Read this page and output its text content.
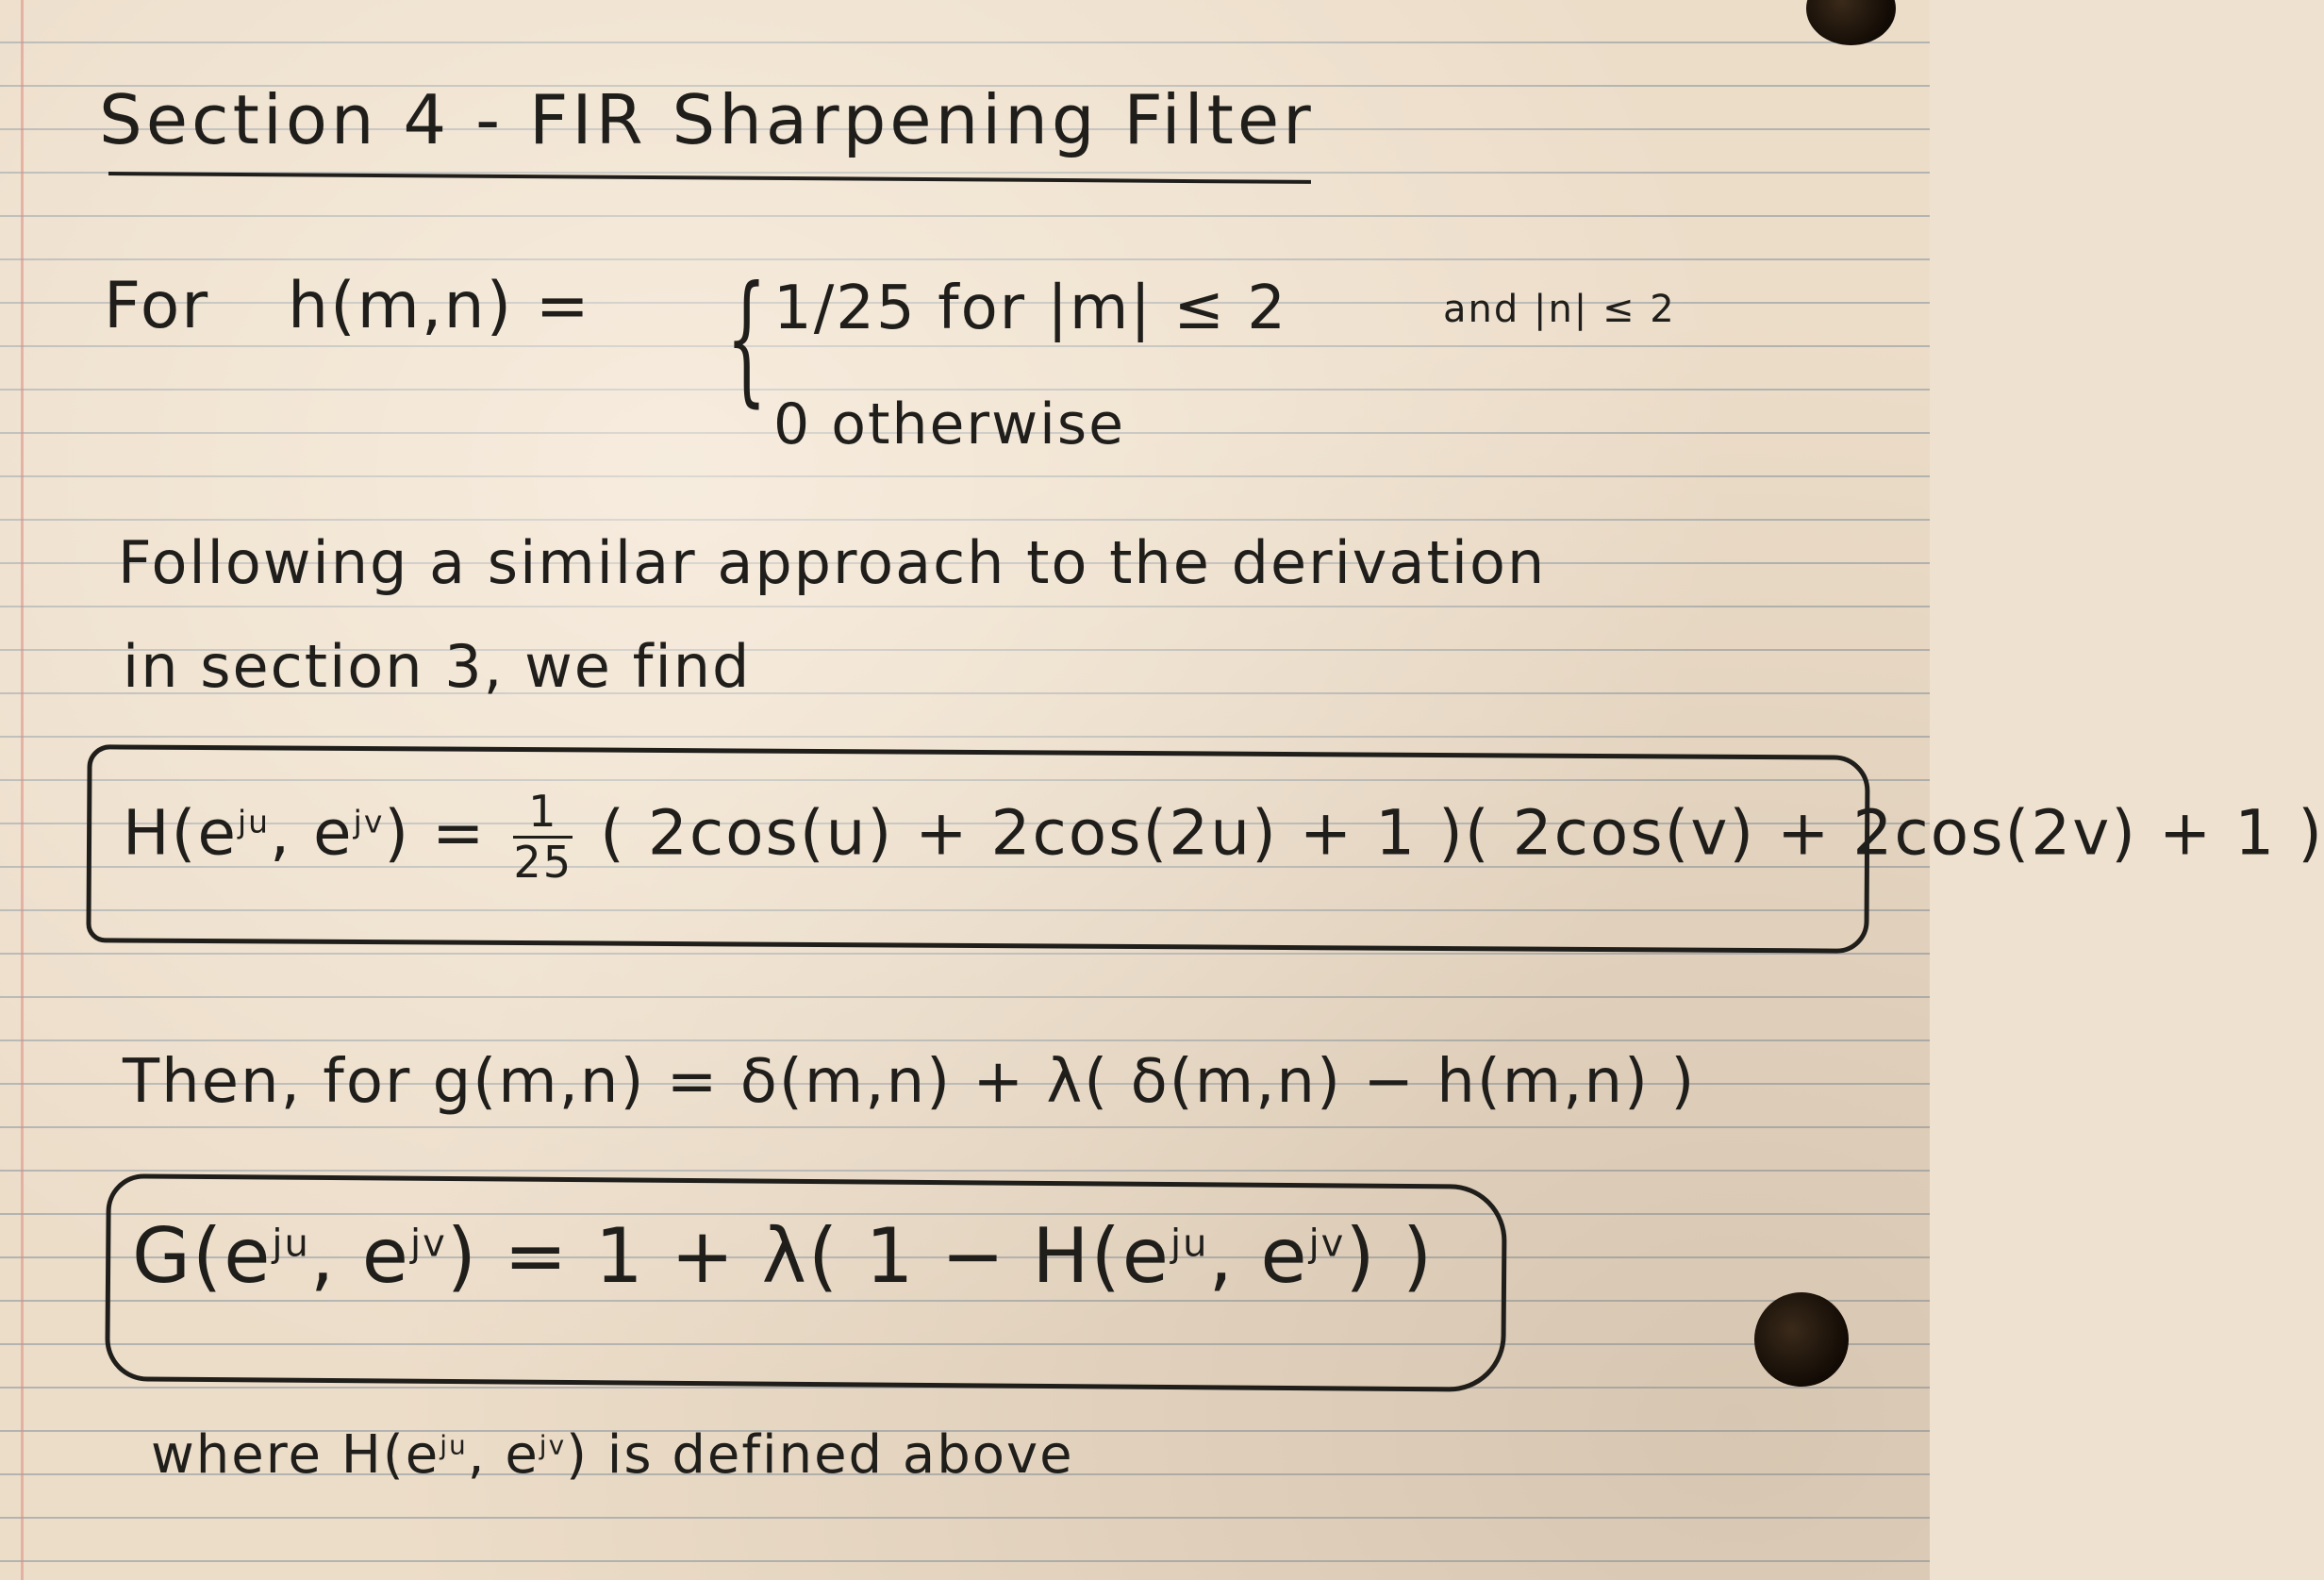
Section 4 - FIR Sharpening Filter
For h(m,n) = { 1/25 for |m| ≤ 2	and |n| ≤ 2
0 otherwise
Following a similar approach to the derivation
in section 3, we find
$H(e^{ju}$, $e^{jv}) = \frac{1}{25}$ ( 2cos(u) + 2cos(2u) + 1 )( 2cos(v) + 2cos(2v) + 1 )
Then, for g(m,n) = δ(m,n) + λ( δ(m,n) − h(m,n) )
$G(e^{ju}$, $e^{jv}) = 1 + \lambda$( $1 - H(e^{ju}$, $e^{jv}$) )
where $H(e^{ju}$, $e^{jv}$) is defined above
